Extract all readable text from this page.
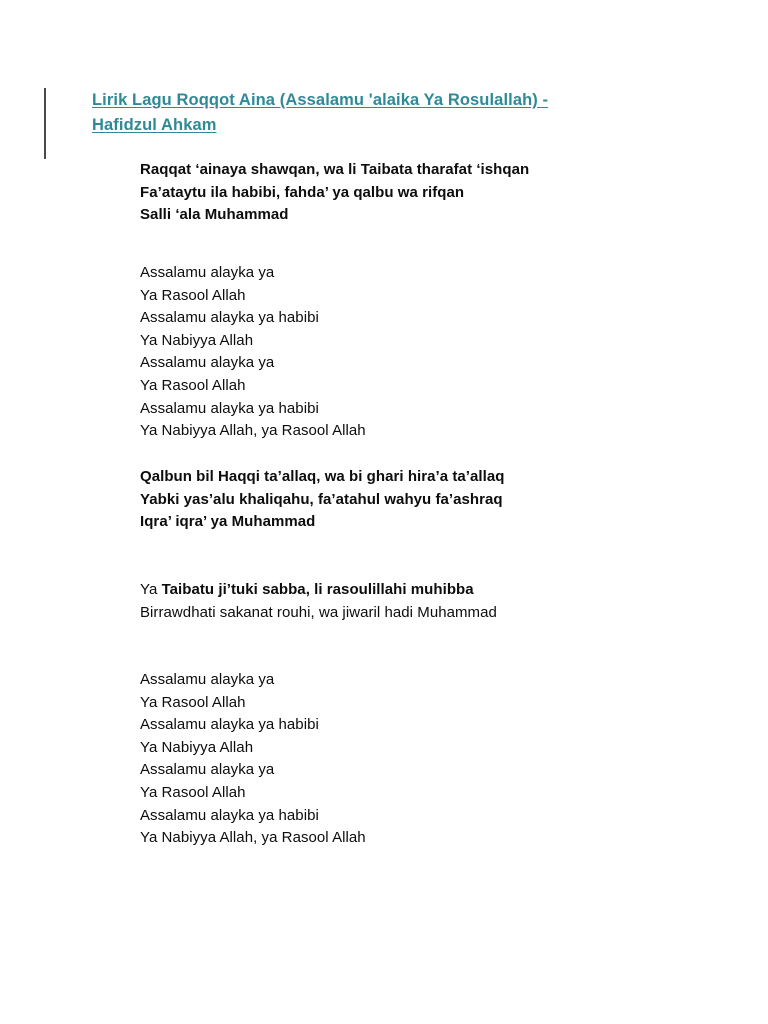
Lirik Lagu Roqqot Aina (Assalamu 'alaika Ya Rosulallah) -
Hafidzul Ahkam

Raqqat ‘ainaya shawqan, wa li Taibata tharafat ‘ishqan
Fa’ataytu ila habibi, fahda’ ya qalbu wa rifqan
Salli ‘ala Muhammad

Assalamu alayka ya
Ya Rasool Allah
Assalamu alayka ya habibi
Ya Nabiyya Allah
Assalamu alayka ya
Ya Rasool Allah
Assalamu alayka ya habibi
Ya Nabiyya Allah, ya Rasool Allah

Qalbun bil Haqqi ta’allaq, wa bi ghari hira’a ta’allaq
Yabki yas’alu khaliqahu, fa’atahul wahyu fa’ashraq
Iqra’ iqra’ ya Muhammad

Ya Taibatu ji’tuki sabba, li rasoulillahi muhibba
Birrawdhati sakanat rouhi, wa jiwaril hadi Muhammad

Assalamu alayka ya
Ya Rasool Allah
Assalamu alayka ya habibi
Ya Nabiyya Allah
Assalamu alayka ya
Ya Rasool Allah
Assalamu alayka ya habibi
Ya Nabiyya Allah, ya Rasool Allah
